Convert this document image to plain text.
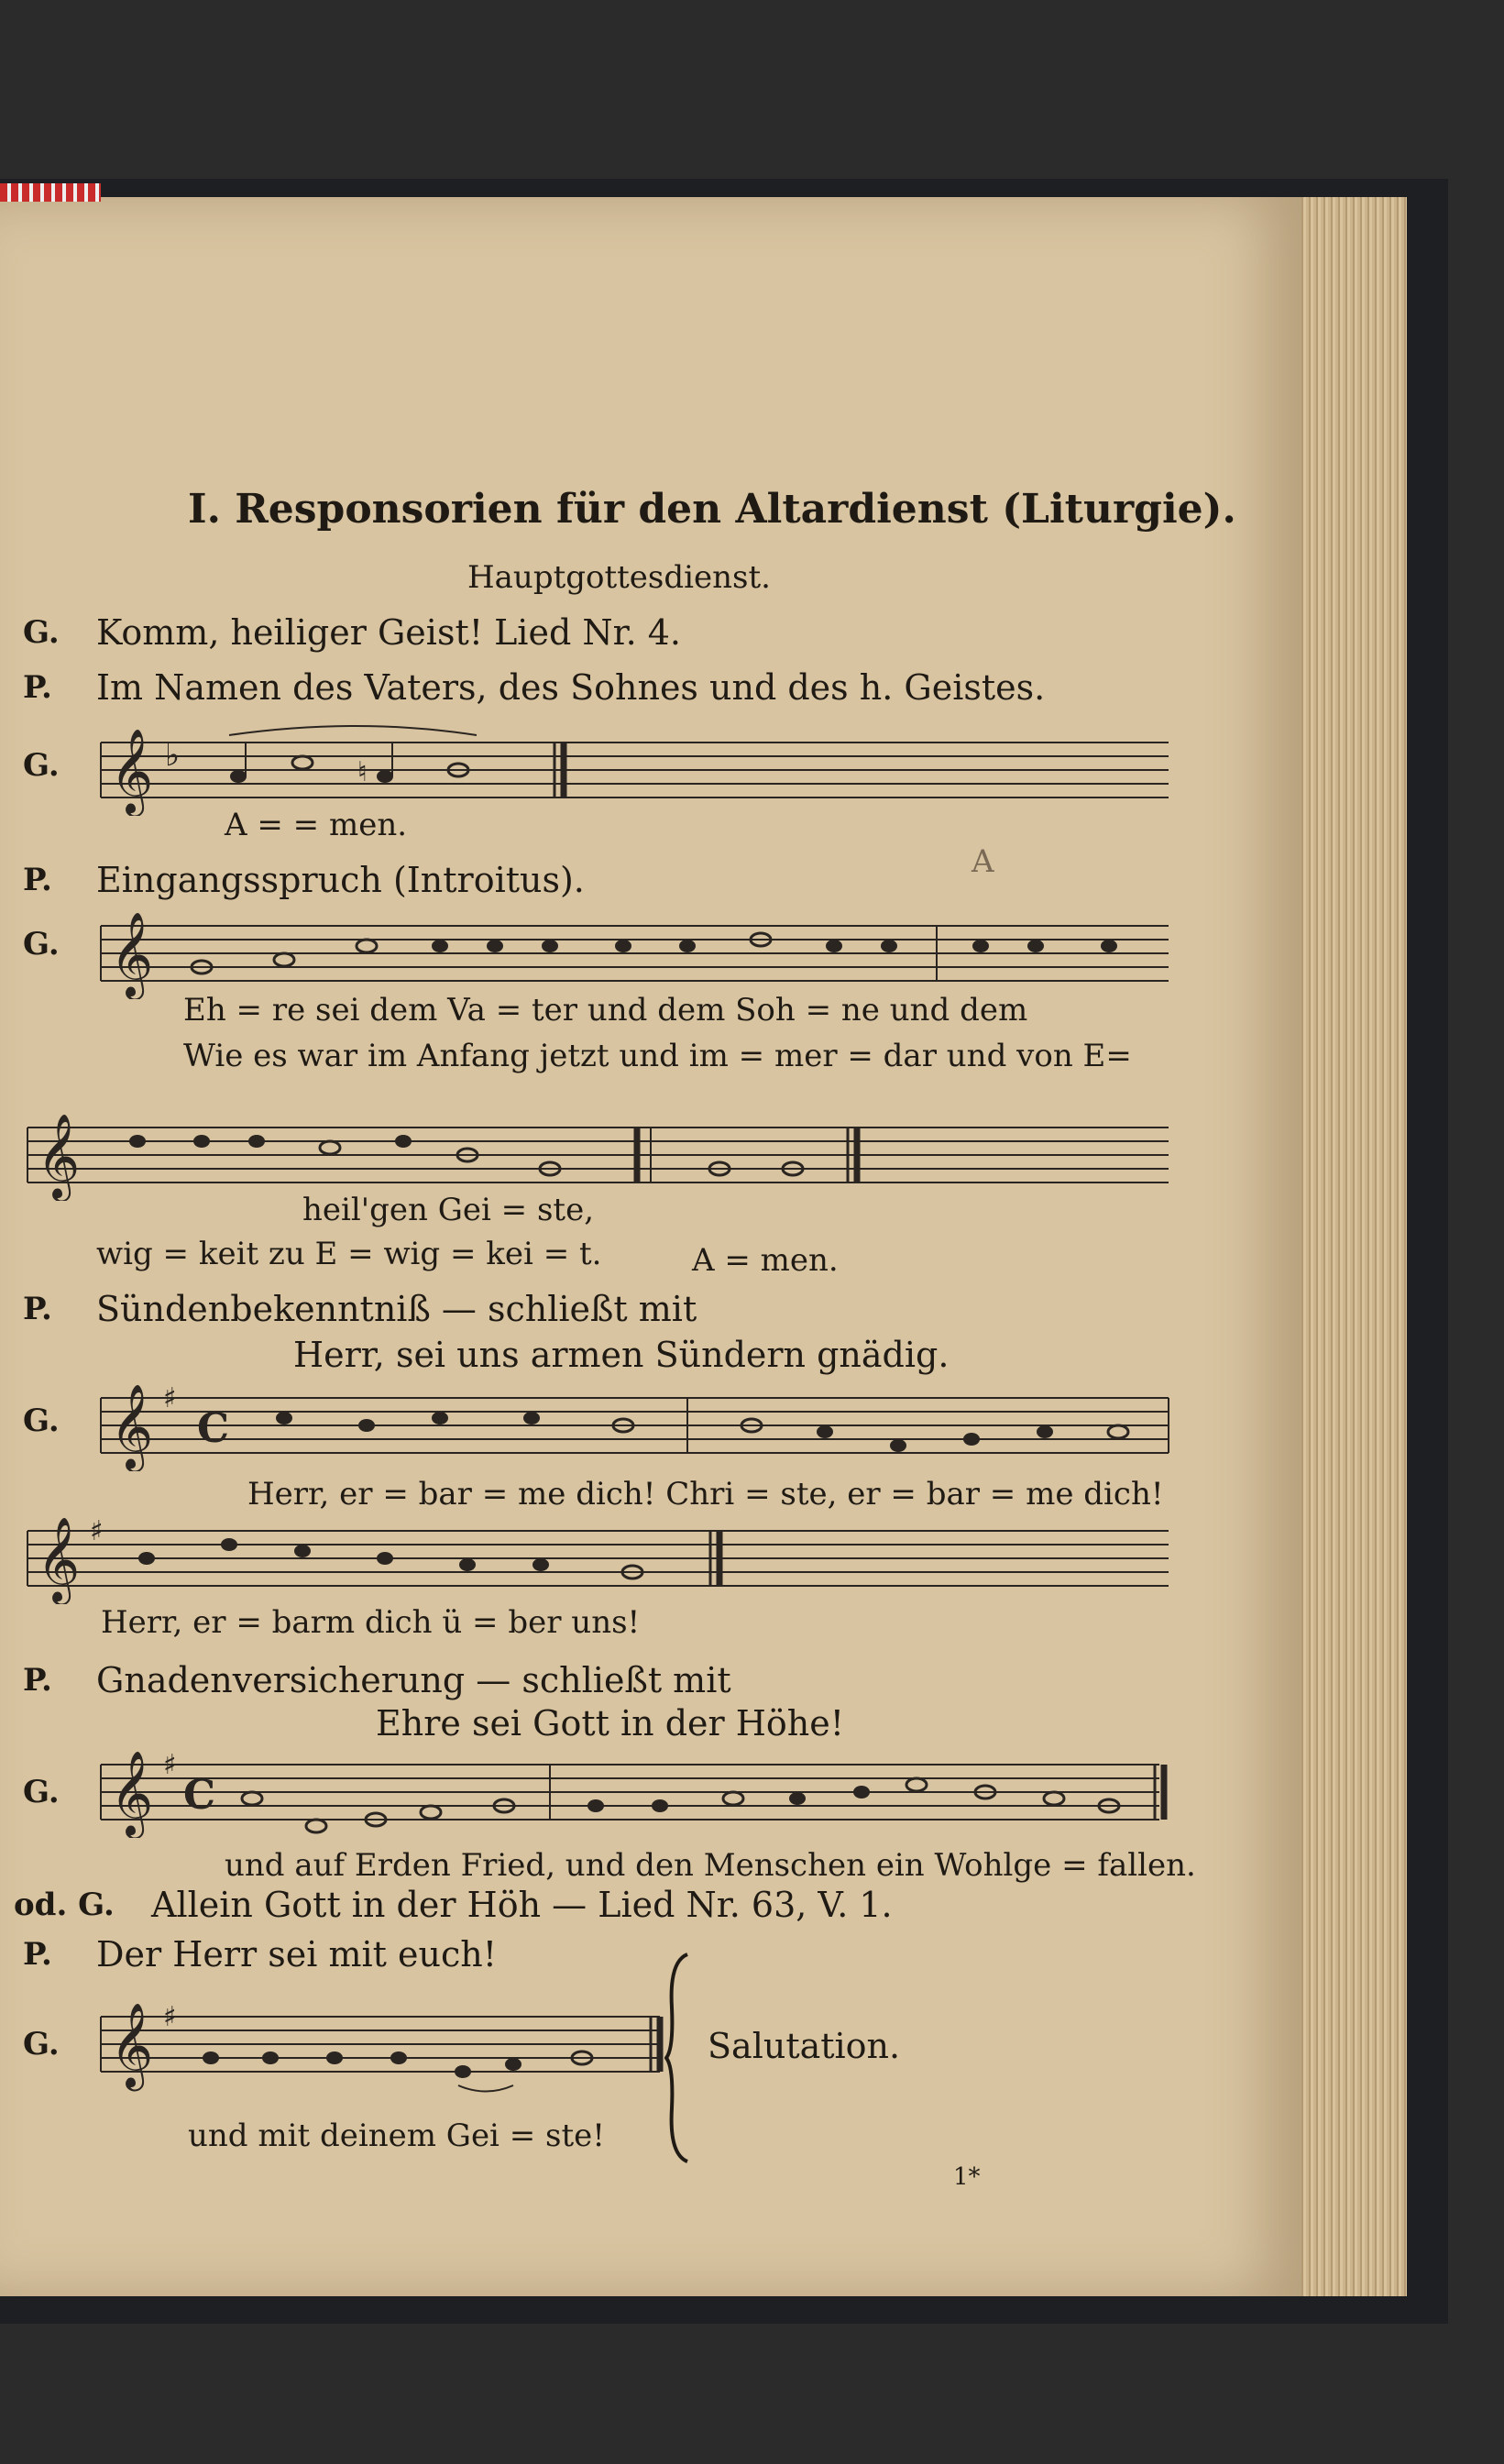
I. Responsorien für den Altardienst (Liturgie).
Hauptgottesdienst.
G. Komm, heiliger Geist! Lied Nr. 4.
P. Im Namen des Vaters, des Sohnes und des h. Geistes.
G. 𝄞 ♭	♮
A = = men.
P. Eingangsspruch (Introitus).	A
G. 𝄞
Eh = re sei dem Va = ter und dem Soh = ne und dem
Wie es war im Anfang jetzt und im = mer = dar und von E=
𝄞
heil'gen Gei = ste,
wig = keit zu E = wig = kei = t.	A = men.
P. Sündenbekenntniß — schließt mit
Herr, sei uns armen Sündern gnädig.
G. 𝄞 ♯
C
Herr, er = bar = me dich! Chri = ste, er = bar = me dich!
𝄞 ♯
Herr, er = barm dich ü = ber uns!
P. Gnadenversicherung — schließt mit
Ehre sei Gott in der Höhe!
G. 𝄞 ♯
C
und auf Erden Fried, und den Menschen ein Wohlge = fallen.
od. G. Allein Gott in der Höh — Lied Nr. 63, V. 1.
P. Der Herr sei mit euch!
G. 𝄞 ♯
Salutation.
und mit deinem Gei = ste!
1*
